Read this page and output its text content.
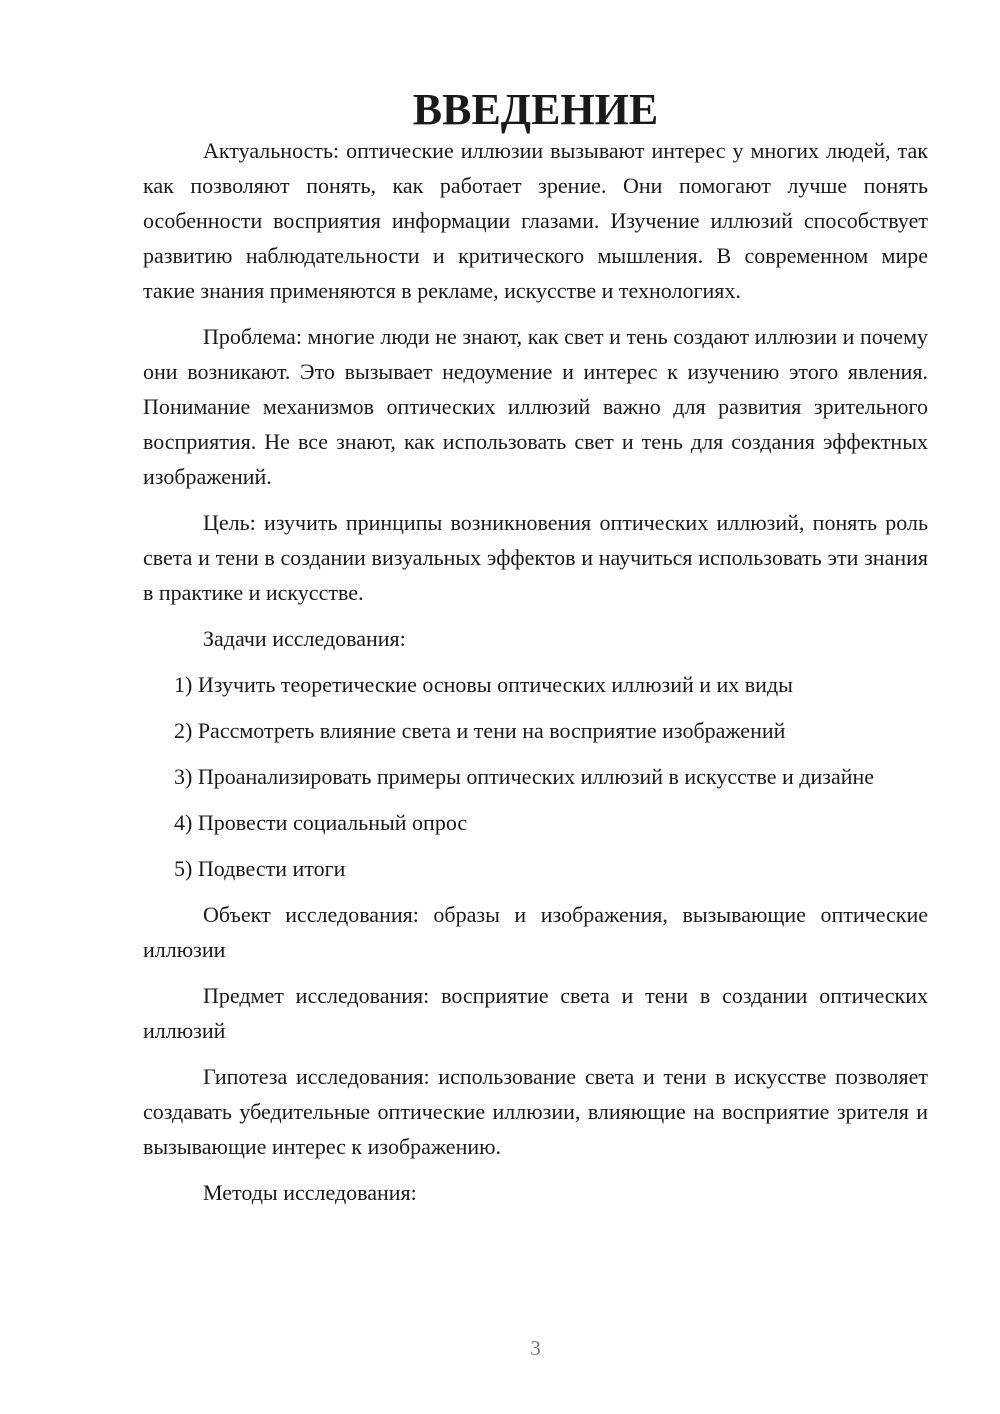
ВВЕДЕНИЕ

Актуальность: оптические иллюзии вызывают интерес у многих людей, так как позволяют понять, как работает зрение. Они помогают лучше понять особенности восприятия информации глазами. Изучение иллюзий способствует развитию наблюдательности и критического мышления. В современном мире такие знания применяются в рекламе, искусстве и технологиях.

Проблема: многие люди не знают, как свет и тень создают иллюзии и почему они возникают. Это вызывает недоумение и интерес к изучению этого явления. Понимание механизмов оптических иллюзий важно для развития зрительного восприятия. Не все знают, как использовать свет и тень для создания эффектных изображений.

Цель: изучить принципы возникновения оптических иллюзий, понять роль света и тени в создании визуальных эффектов и научиться использовать эти знания в практике и искусстве.

Задачи исследования:

1) Изучить теоретические основы оптических иллюзий и их виды

2) Рассмотреть влияние света и тени на восприятие изображений

3) Проанализировать примеры оптических иллюзий в искусстве и дизайне

4) Провести социальный опрос

5) Подвести итоги

Объект исследования: образы и изображения, вызывающие оптические иллюзии

Предмет исследования: восприятие света и тени в создании оптических иллюзий

Гипотеза исследования: использование света и тени в искусстве позволяет создавать убедительные оптические иллюзии, влияющие на восприятие зрителя и вызывающие интерес к изображению.

Методы исследования:

3
